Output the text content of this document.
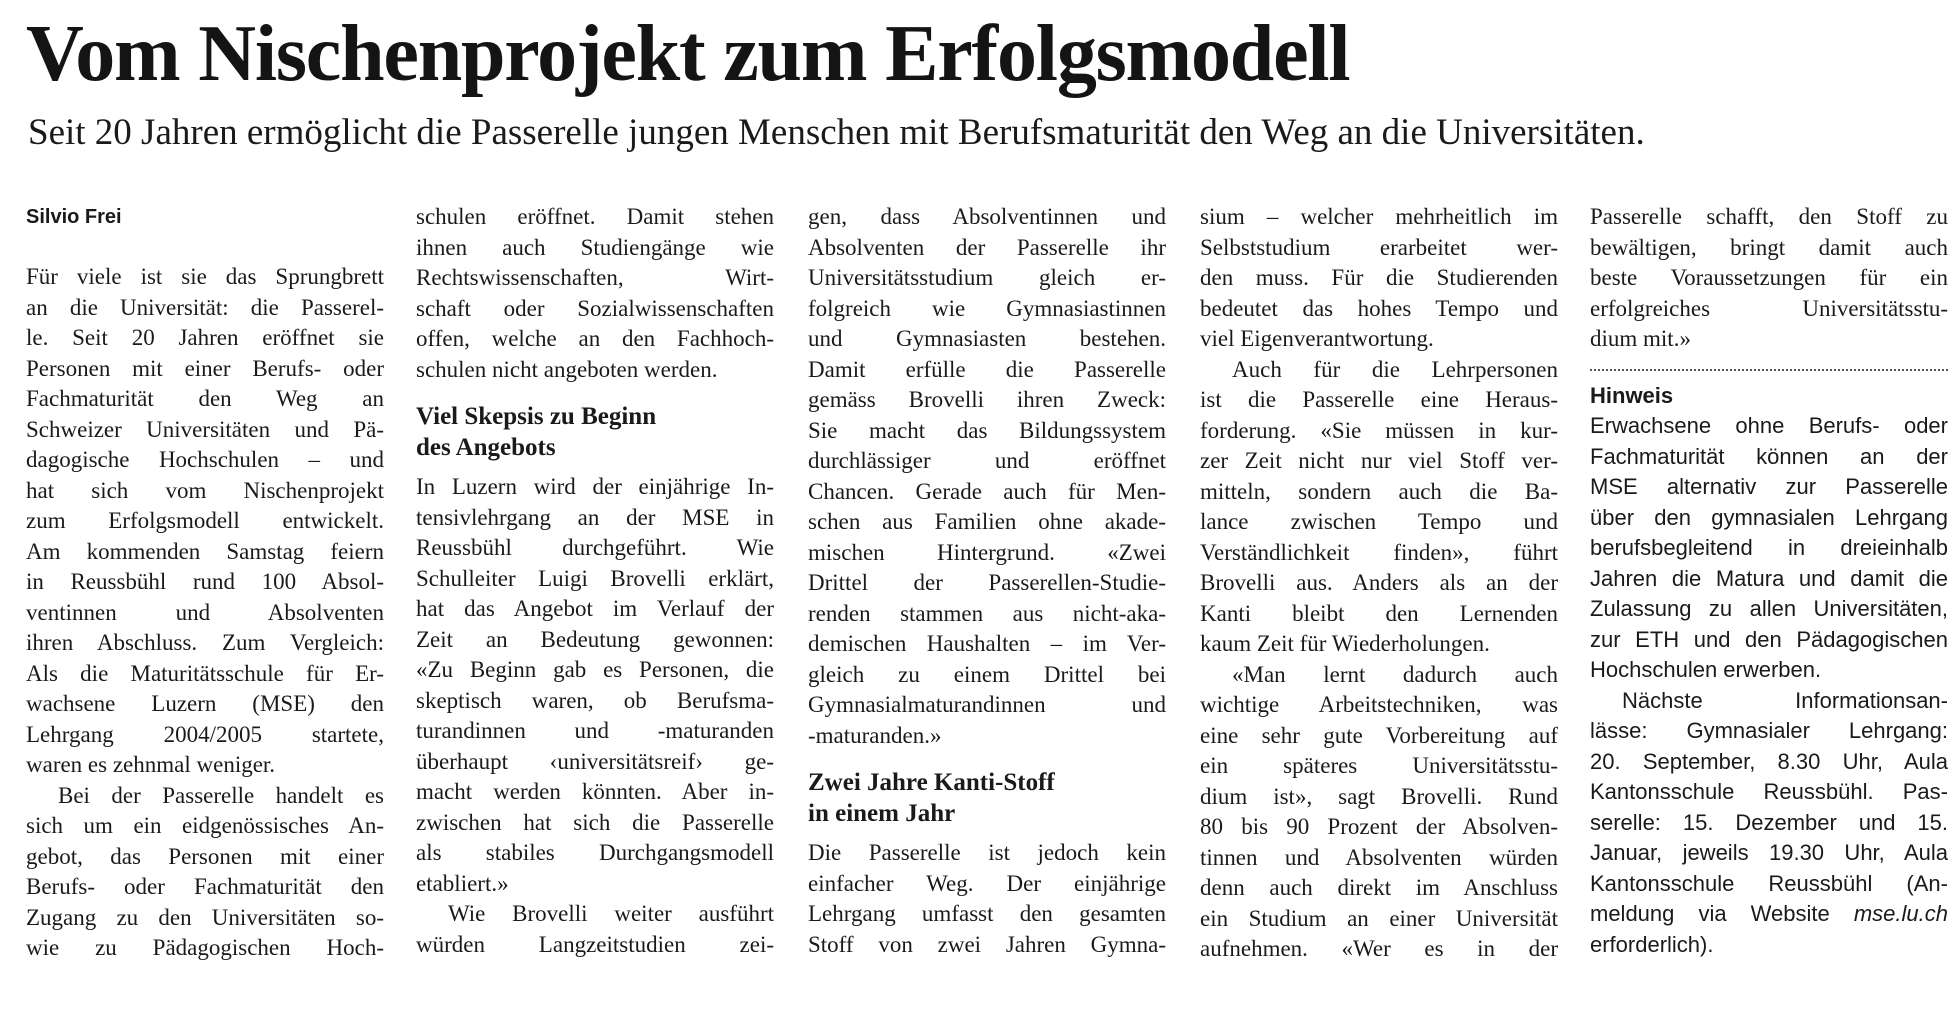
Vom Nischenprojekt zum Erfolgsmodell

Seit 20 Jahren ermöglicht die Passerelle jungen Menschen mit Berufsmaturität den Weg an die Universitäten.

Silvio Frei
Für viele ist sie das Sprungbrett
an die Universität: die Passerel-
le. Seit 20 Jahren eröffnet sie
Personen mit einer Berufs- oder
Fachmaturität den Weg an
Schweizer Universitäten und Pä-
dagogische Hochschulen – und
hat sich vom Nischenprojekt
zum Erfolgsmodell entwickelt.
Am kommenden Samstag feiern
in Reussbühl rund 100 Absol-
ventinnen und Absolventen
ihren Abschluss. Zum Vergleich:
Als die Maturitätsschule für Er-
wachsene Luzern (MSE) den
Lehrgang 2004/2005 startete,
waren es zehnmal weniger.
Bei der Passerelle handelt es
sich um ein eidgenössisches An-
gebot, das Personen mit einer
Berufs- oder Fachmaturität den
Zugang zu den Universitäten so-
wie zu Pädagogischen Hoch-
schulen eröffnet. Damit stehen
ihnen auch Studiengänge wie
Rechtswissenschaften, Wirt-
schaft oder Sozialwissenschaften
offen, welche an den Fachhoch-
schulen nicht angeboten werden.
Viel Skepsis zu Beginn
des Angebots
In Luzern wird der einjährige In-
tensivlehrgang an der MSE in
Reussbühl durchgeführt. Wie
Schulleiter Luigi Brovelli erklärt,
hat das Angebot im Verlauf der
Zeit an Bedeutung gewonnen:
«Zu Beginn gab es Personen, die
skeptisch waren, ob Berufsma-
turandinnen und -maturanden
überhaupt ‹universitätsreif› ge-
macht werden könnten. Aber in-
zwischen hat sich die Passerelle
als stabiles Durchgangsmodell
etabliert.»
Wie Brovelli weiter ausführt
würden Langzeitstudien zei-
gen, dass Absolventinnen und
Absolventen der Passerelle ihr
Universitätsstudium gleich er-
folgreich wie Gymnasiastinnen
und Gymnasiasten bestehen.
Damit erfülle die Passerelle
gemäss Brovelli ihren Zweck:
Sie macht das Bildungssystem
durchlässiger und eröffnet
Chancen. Gerade auch für Men-
schen aus Familien ohne akade-
mischen Hintergrund. «Zwei
Drittel der Passerellen-Studie-
renden stammen aus nicht-aka-
demischen Haushalten – im Ver-
gleich zu einem Drittel bei
Gymnasialmaturandinnen und
-maturanden.»
Zwei Jahre Kanti-Stoff
in einem Jahr
Die Passerelle ist jedoch kein
einfacher Weg. Der einjährige
Lehrgang umfasst den gesamten
Stoff von zwei Jahren Gymna-
sium – welcher mehrheitlich im
Selbststudium erarbeitet wer-
den muss. Für die Studierenden
bedeutet das hohes Tempo und
viel Eigenverantwortung.
Auch für die Lehrpersonen
ist die Passerelle eine Heraus-
forderung. «Sie müssen in kur-
zer Zeit nicht nur viel Stoff ver-
mitteln, sondern auch die Ba-
lance zwischen Tempo und
Verständlichkeit finden», führt
Brovelli aus. Anders als an der
Kanti bleibt den Lernenden
kaum Zeit für Wiederholungen.
«Man lernt dadurch auch
wichtige Arbeitstechniken, was
eine sehr gute Vorbereitung auf
ein späteres Universitätsstu-
dium ist», sagt Brovelli. Rund
80 bis 90 Prozent der Absolven-
tinnen und Absolventen würden
denn auch direkt im Anschluss
ein Studium an einer Universität
aufnehmen. «Wer es in der
Passerelle schafft, den Stoff zu
bewältigen, bringt damit auch
beste Voraussetzungen für ein
erfolgreiches Universitätsstu-
dium mit.»
Hinweis
Erwachsene ohne Berufs- oder
Fachmaturität können an der
MSE alternativ zur Passerelle
über den gymnasialen Lehrgang
berufsbegleitend in dreieinhalb
Jahren die Matura und damit die
Zulassung zu allen Universitäten,
zur ETH und den Pädagogischen
Hochschulen erwerben.
Nächste Informationsan-
lässe: Gymnasialer Lehrgang:
20. September, 8.30 Uhr, Aula
Kantonsschule Reussbühl. Pas-
serelle: 15. Dezember und 15.
Januar, jeweils 19.30 Uhr, Aula
Kantonsschule Reussbühl (An-
meldung via Website mse.lu.ch
erforderlich).
